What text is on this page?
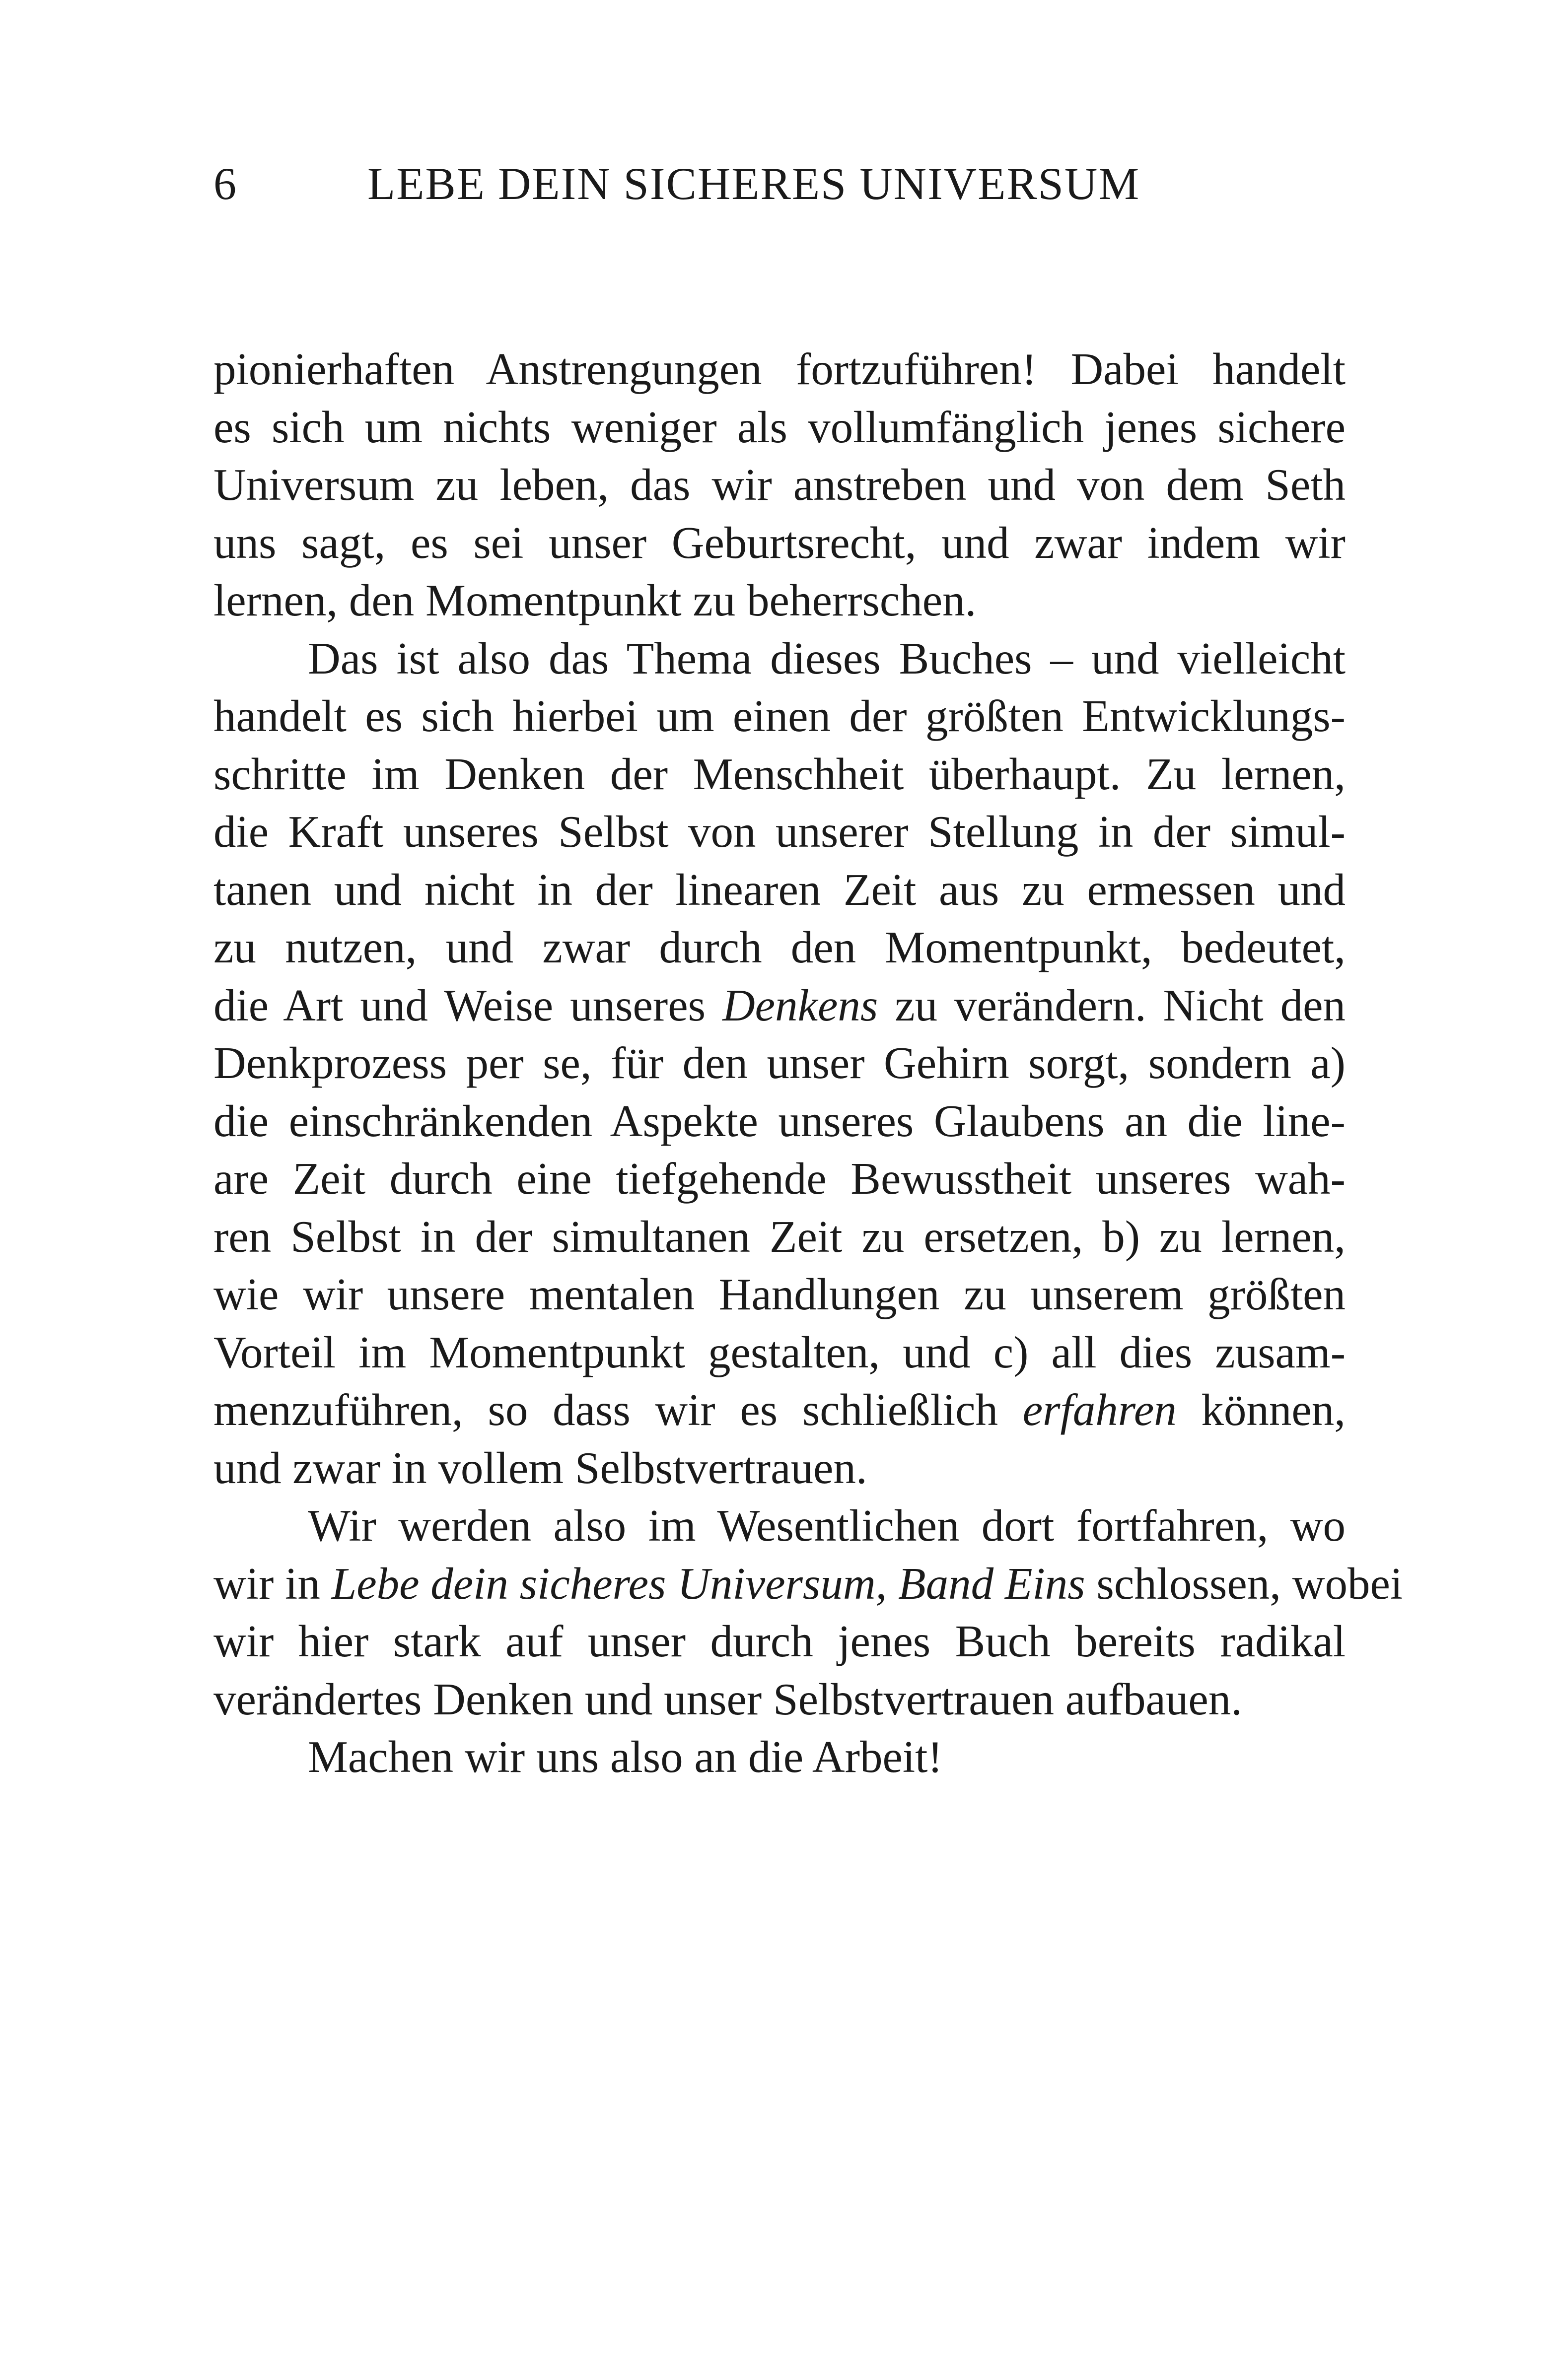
6	LEBE DEIN SICHERES UNIVERSUM
pionierhaften Anstrengungen fortzuführen! Dabei handelt
es sich um nichts weniger als vollumfänglich jenes sichere
Universum zu leben, das wir anstreben und von dem Seth
uns sagt, es sei unser Geburtsrecht, und zwar indem wir
lernen, den Momentpunkt zu beherrschen.
Das ist also das Thema dieses Buches – und vielleicht
handelt es sich hierbei um einen der größten Entwicklungs-
schritte im Denken der Menschheit überhaupt. Zu lernen,
die Kraft unseres Selbst von unserer Stellung in der simul-
tanen und nicht in der linearen Zeit aus zu ermessen und
zu nutzen, und zwar durch den Momentpunkt, bedeutet,
die Art und Weise unseres Denkens zu verändern. Nicht den
Denkprozess per se, für den unser Gehirn sorgt, sondern a)
die einschränkenden Aspekte unseres Glaubens an die line-
are Zeit durch eine tiefgehende Bewusstheit unseres wah-
ren Selbst in der simultanen Zeit zu ersetzen, b) zu lernen,
wie wir unsere mentalen Handlungen zu unserem größten
Vorteil im Momentpunkt gestalten, und c) all dies zusam-
menzuführen, so dass wir es schließlich erfahren können,
und zwar in vollem Selbstvertrauen.
Wir werden also im Wesentlichen dort fortfahren, wo
wir in Lebe dein sicheres Universum, Band Eins schlossen, wobei
wir hier stark auf unser durch jenes Buch bereits radikal
verändertes Denken und unser Selbstvertrauen aufbauen.
Machen wir uns also an die Arbeit!
